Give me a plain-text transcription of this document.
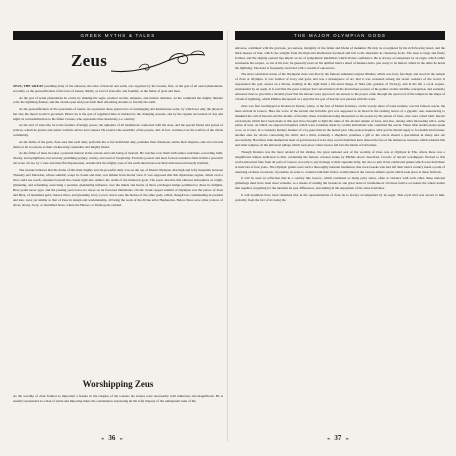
GREEK MYTHS & TALES
Zeus

ZEUS, THE GREAT presiding deity of the universe, the ruler of heaven and earth, was regarded by the Greeks, first, as the god of all aerial phenomena; secondly, as the personification of the laws of nature; thirdly, as lord of state-life; and fourthly, as the father of gods and men.

As the god of aerial phenomena he could, by shaking his aegis, produce storms, tempests, and intense darkness. At his command the mighty thunder rolls, the lightning flashes, and the clouds open and pour forth their refreshing streams to fructify the earth.

As the personification of the operations of nature, he represents those grand laws of unchanging and harmonious order, by which not only the physical but also the moral world is governed. Hence he is the god of regulated time as marked by the changing seasons, and by the regular succession of day and night, in contradistinction to his father Cronus, who represents time absolutely, i.e. eternity.

As the lord of state-life, he is the founder of kingly power, the upholder of all institutions connected with the state, and the special friend and patron of princes, whom he guards and assists with his advice and counsel. He protects the assembly of the people, and, in fact, watches over the welfare of the whole community.

As the father of the gods, Zeus sees that each deity performs his or her individual duty, punishes their misdeeds, settles their disputes, and acts towards them on all occasions as their all-knowing counsellor and mighty friend.

As the father of men, he takes a paternal interest in the actions and well-being of mortals. He watches over them with tender solicitude, rewarding truth, charity, and uprightness, but severely punishing perjury, cruelty, and want of hospitality. Even the poorest and most forlorn wanderer finds in him a powerful advocate, for he, by a wise and merciful dispensation, ordains that the mighty ones of the earth should succour their distressed and needy brethren.

The Greeks believed that the home of this their mighty and all-powerful deity was on the top of Mount Olympus, that high and lofty mountain between Thessaly and Macedon, whose summit, wrapt in clouds and mist, was hidden from mortal view. It was supposed that this mysterious region, which even a bird could not reach, extended beyond the clouds right into Aether, the realm of the immortal gods. The poets describe this ethereal atmosphere as bright, glistening, and refreshing, exercising a peculiar, gladdening influence over the minds and hearts of those privileged beings permitted to share its delights. Here youth never ages, and the passing years leave no traces on its favoured inhabitants. On the cloud-capped summit of Olympus was the palace of Zeus and Hera, of burnished gold, chased silver, and gleaming ivory. Lower down were the homes of the other gods, which, though less commanding in position and size, were yet similar to that of Zeus in design and workmanship, all being the work of the divine artist Hephaestus. Below these were other palaces of silver, ebony, ivory, or burnished brass, where the Heroes, or Demi-gods, resided.

Worshipping Zeus

As the worship of Zeus formed so important a feature in the religion of the Greeks, his statues were necessarily both numerous and magnificent. He is usually represented as a man of noble and imposing mien, his countenance expressing all the lofty majesty of the omnipotent ruler of the

❧ 36 ☙
THE MAJOR OLYMPIAN GODS

universe, combined with the gracious, yet serious, benignity of the father and friend of mankind. He may be recognized by his rich flowing beard, and the thick masses of hair, which rise straight from the high and intellectual forehead and fall to his shoulders in clustering locks. The nose is large and finely formed, and the slightly opened lips impart an air of sympathetic kindliness which invites confidence. He is always accompanied by an eagle, which either surmounts his sceptre, or sits at his feet; he generally bears in his uplifted hand a sheaf of thunder-bolts, just ready to be hurled, whilst in the other he holds the lightning. The head is frequently encircled with a wreath of oak-leaves.

The most celebrated statue of the Olympian Zeus was that by the famous Athenian sculptor Phidias, which was forty feet high, and stood in the temple of Zeus at Olympia. It was formed of ivory and gold, and was a masterpiece of art, that it was reckoned among the seven wonders of the world. It represented the god, seated on a throne, holding in his right hand a life-sized image of Nike (the goddess of Victory), and in his left a royal sceptre, surmounted by an eagle. It is said that the great sculptor had concentrated all the marvellous powers of his genius on this sublime conception, and earnestly entreated Zeus to give him a decided proof that his labours were approved. An answer to his prayer came through the open roof of the temple in the shape of a flash of lightning, which Phidias interpreted as a sign that the god of heaven was pleased with his work.

Zeus was first worshipped at Dodona in Epirus, where, at the foot of Mount Tomarus, on the woody shore of Lake Joanina, was his famous oracle, the most ancient in Greece. Here the voice of the eternal and invisible god was supposed to be heard in the rustling leaves of a gigantic oak, announcing to mankind the will of heaven and the destiny of mortals; these revelations being interpreted to the people by the priests of Zeus, who were called Selli. Recent excavations which have been made at this spot have brought to light the ruins of the ancient temple of Zeus, and also, among other interesting relics, some plates of lead, on which are engraved inquiries which were evidently made by certain individuals who consulted the oracle. These little leaden plates speak to us, as it were, in a curiously homely manner of a by-gone time in the buried past. One person inquires what god he should apply to for health and fortune; another asks for advice concerning his child; and a third, evidently a shepherd, promises a gift to the oracle should a speculation in sheep turn out successfully. Had these little memorials been of gold instead of lead, they would doubtless have shared the fate of the numerous treasures which adorned this and other temples, in the universal pillage which took place when Greece fell into the hands of barbarians.

Though Dodona was the most ancient of his shrines, the great national seat of the worship of Zeus was at Olympia in Elis, where there was a magnificent temple dedicated to him, containing the famous colossal statue by Phidias above described. Crowds of devout worshippers flocked to this world-renowned fane from all parts of Greece, not only to pay homage to their supreme deity, but also to join in the celebrated games which were held there at intervals of four years. The Olympic games were such a thoroughly national institution, that even Greeks who had left their native country made a point of returning on these occasions, if possible, in order to contend with their fellow-countrymen in the various athletic sports which took place at these festivals.

It will be seen on reflection that in a country like Greece, which contained so many petty states, often at variance with each other, these national gatherings must have been most valuable, as a means of uniting the Greeks in one great bond of brotherhood. On these festive occasions the whole nation met together, forgetting for the moment all past differences, and uniting in the enjoyment of the same festivities.

It will doubtless have been remarked that in the representations of Zeus he is always accompanied by an eagle. This royal bird was sacred to him, probably from the fact of its being the

❧ 37 ☙
